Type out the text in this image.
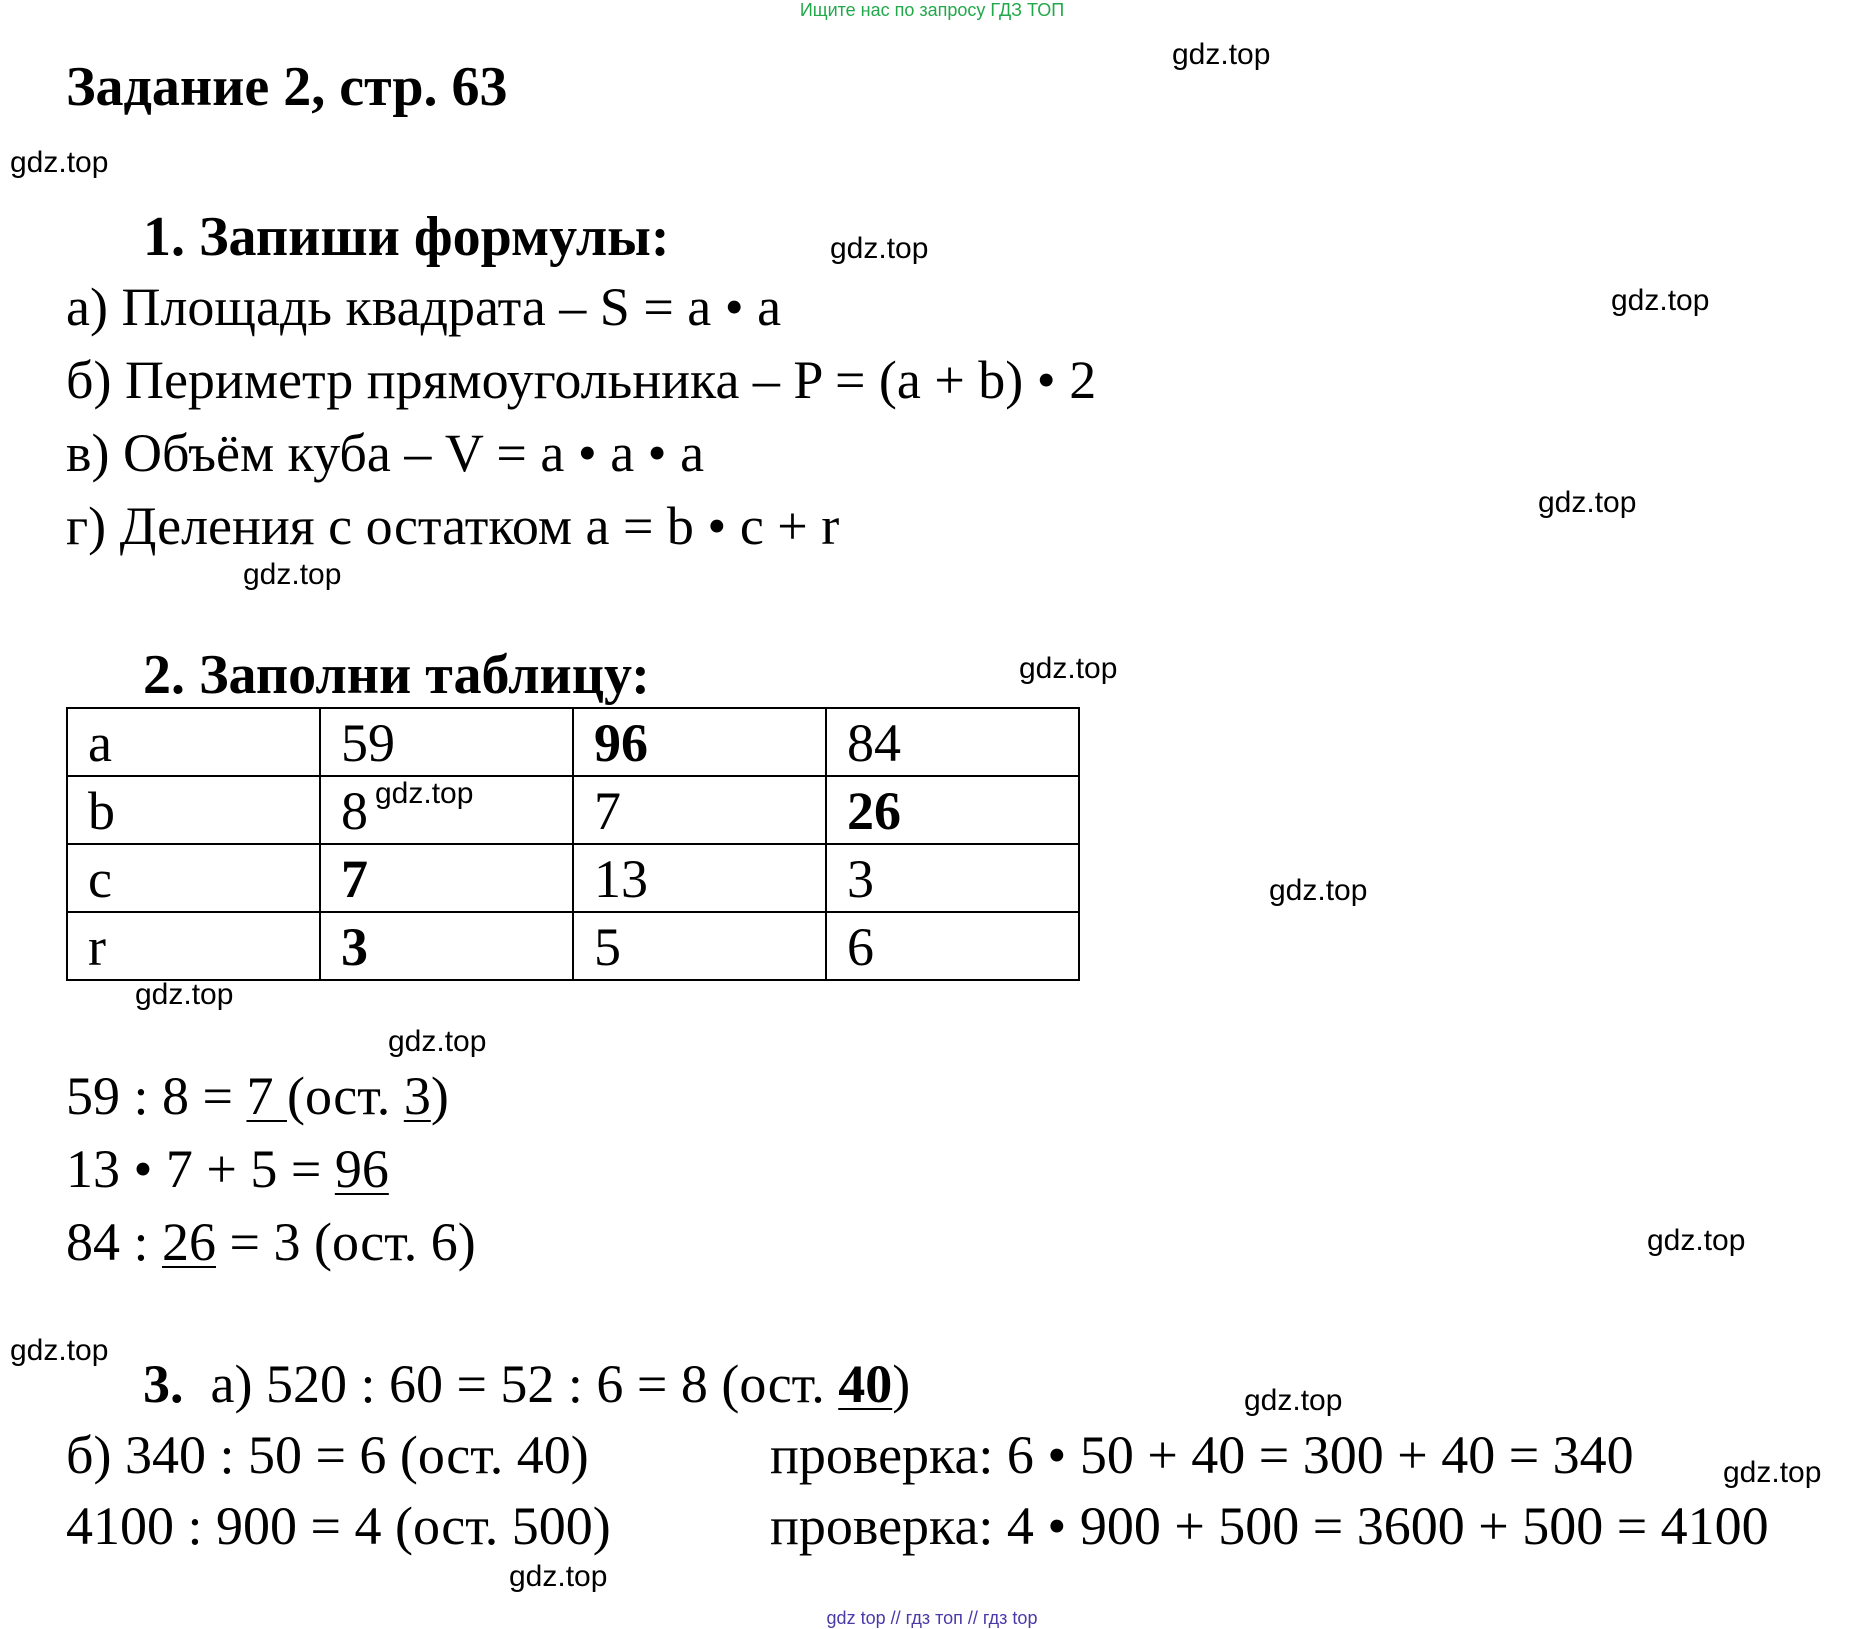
Ищите нас по запросу ГДЗ ТОП
Задание 2, стр. 63
1. Запиши формулы:
а) Площадь квадрата – S = a • a
б) Периметр прямоугольника – P = (a + b) • 2
в) Объём куба – V = a • a • a
г) Деления с остатком a = b • c + r
2. Заполни таблицу:
a	59	96	84
b	8	7	26
c	7	13	3
r	3	5	6
59 : 8 = 7 (ост. 3)
13 • 7 + 5 = 96
84 : 26 = 3 (ост. 6)
3. а) 520 : 60 = 52 : 6 = 8 (ост. 40)
б) 340 : 50 = 6 (ост. 40)	проверка: 6 • 50 + 40 = 300 + 40 = 340
4100 : 900 = 4 (ост. 500)	проверка: 4 • 900 + 500 = 3600 + 500 = 4100
gdz.top
gdz.top
gdz.top
gdz.top
gdz.top
gdz.top
gdz.top
gdz.top
gdz.top
gdz.top
gdz.top
gdz.top
gdz.top
gdz.top
gdz.top
gdz.top
gdz top // гдз топ // гдз top
